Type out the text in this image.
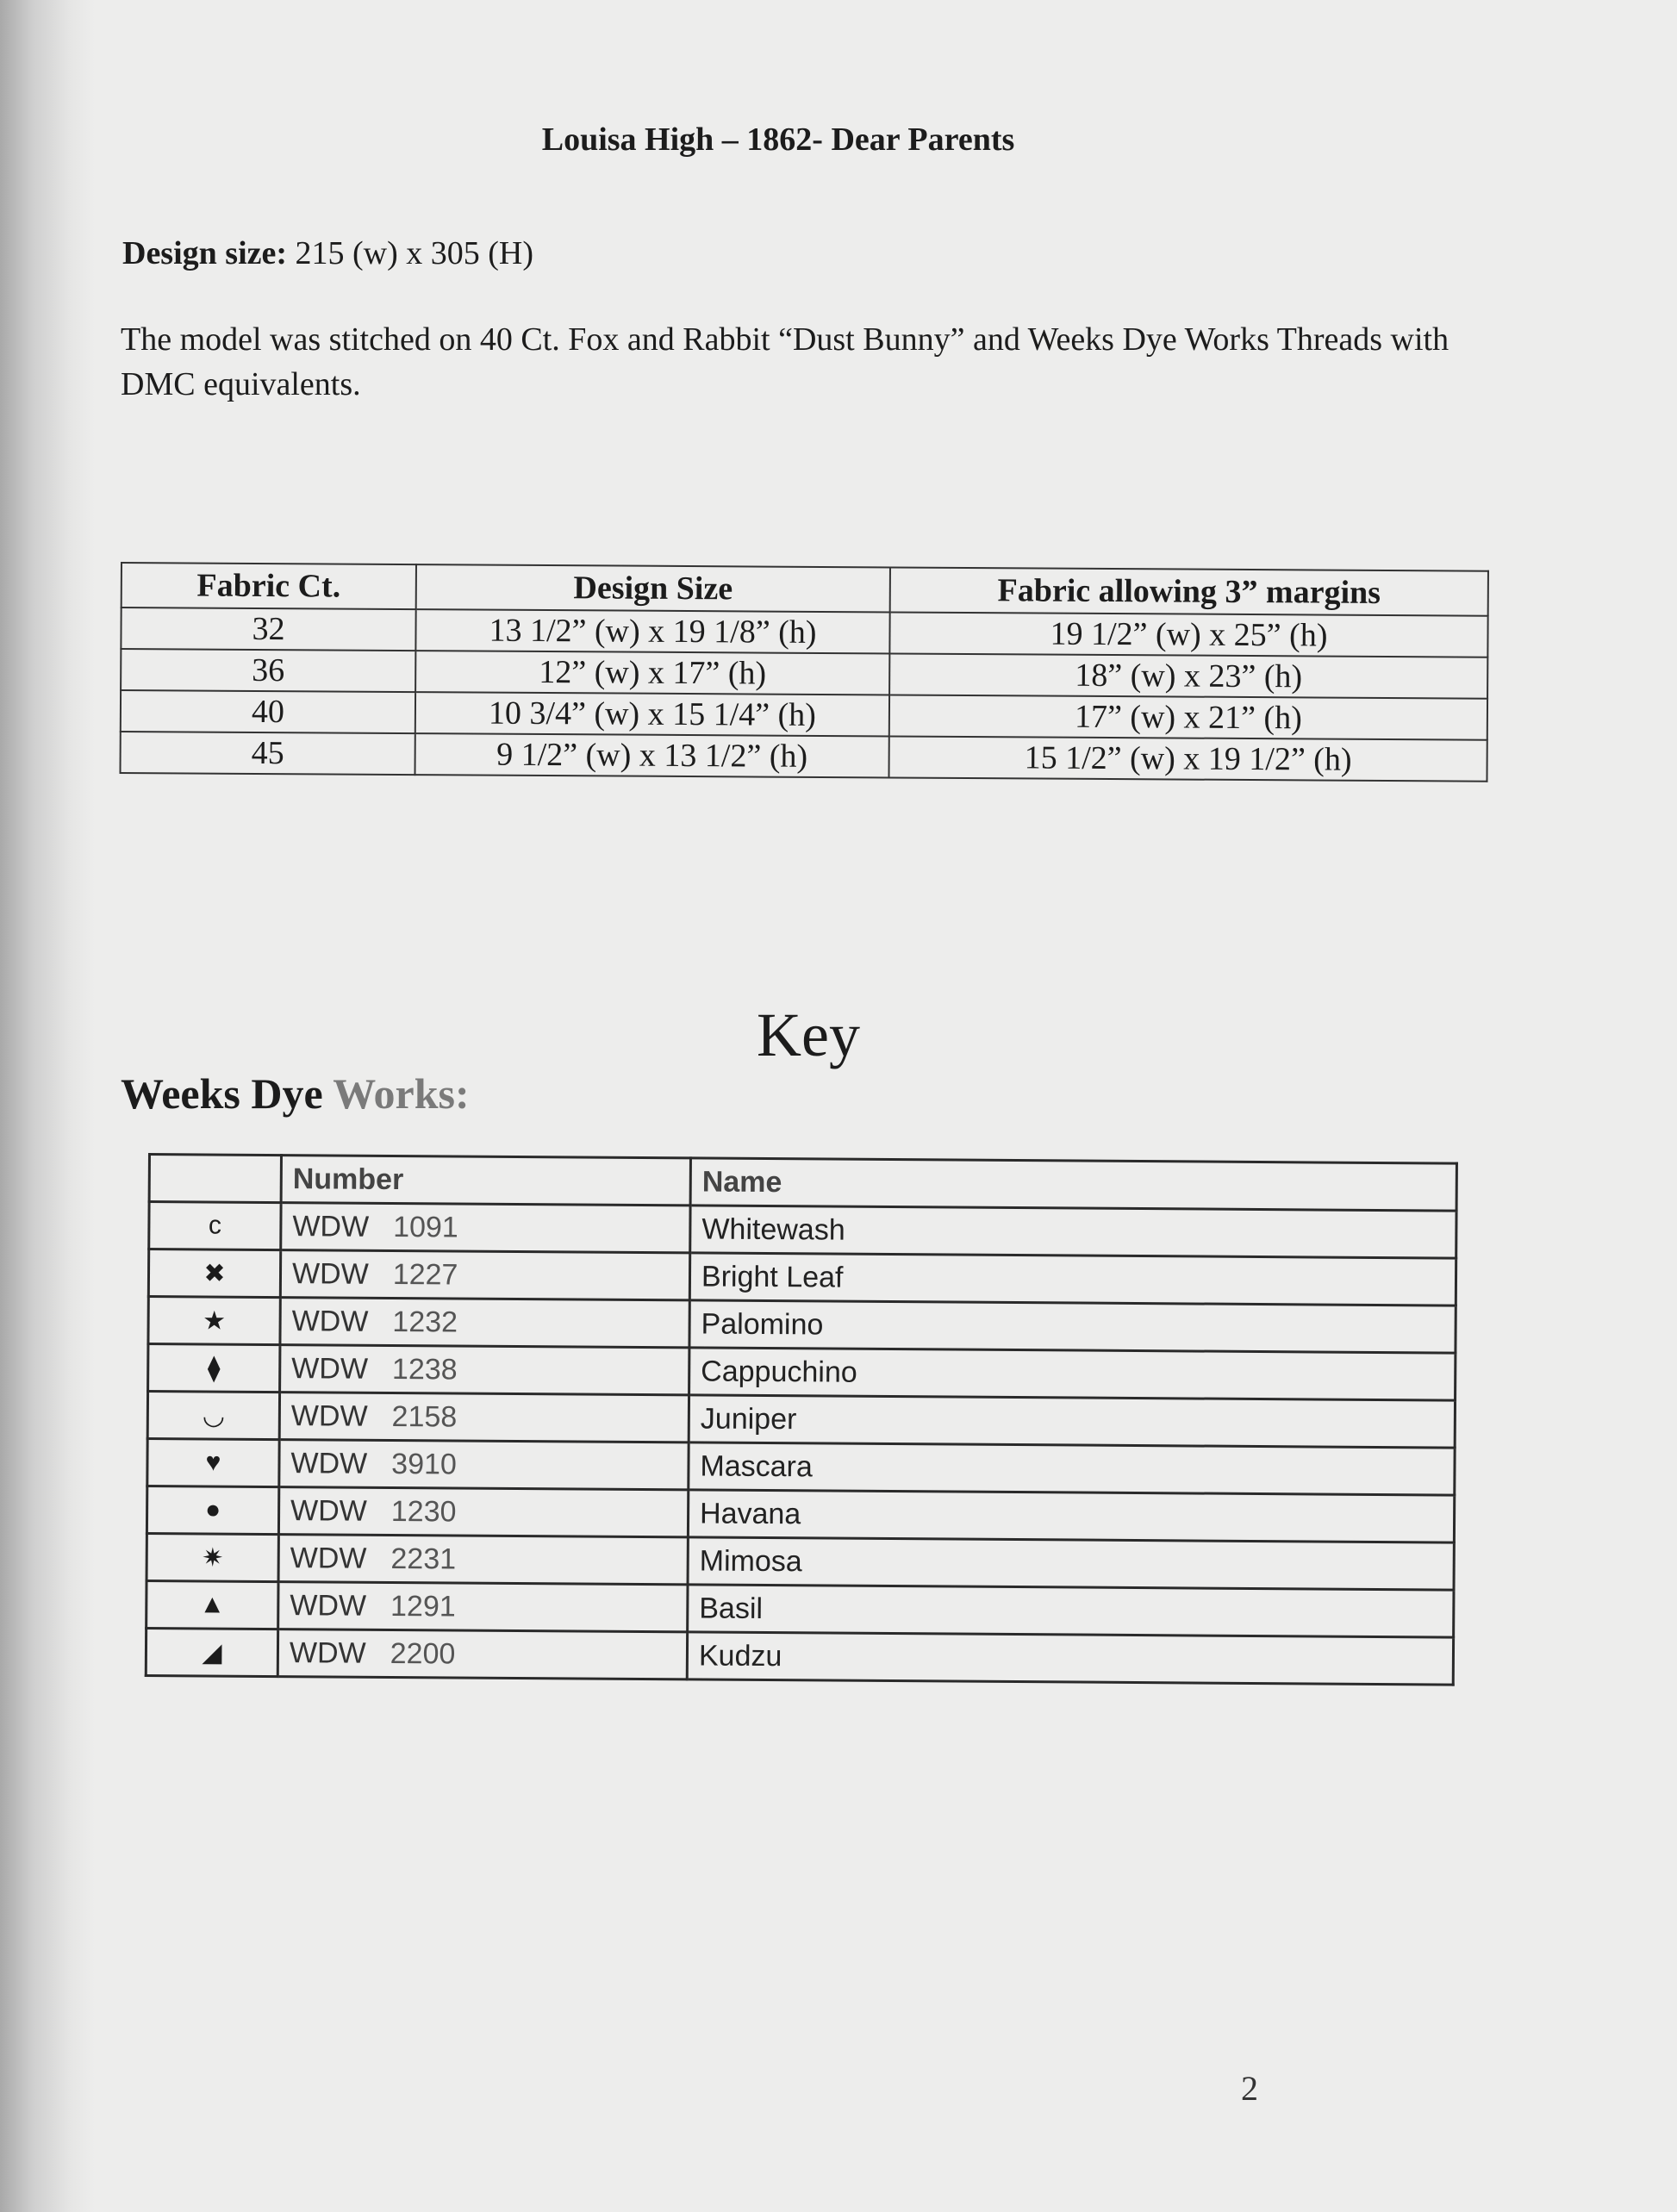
Louisa High – 1862- Dear Parents
Design size: 215 (w) x 305 (H)
The model was stitched on 40 Ct. Fox and Rabbit “Dust Bunny” and Weeks Dye Works Threads with DMC equivalents.
Fabric Ct.	Design Size	Fabric allowing 3” margins
32	13 1/2” (w) x 19 1/8” (h)	19 1/2” (w) x 25” (h)
36	12” (w) x 17” (h)	18” (w) x 23” (h)
40	10 3/4” (w) x 15 1/4” (h)	17” (w) x 21” (h)
45	9 1/2” (w) x 13 1/2” (h)	15 1/2” (w) x 19 1/2” (h)
Key
Weeks Dye Works:
	Number	Name
c	WDW 1091	Whitewash
✖	WDW 1227	Bright Leaf
★	WDW 1232	Palomino
⧫	WDW 1238	Cappuchino
◡	WDW 2158	Juniper
♥	WDW 3910	Mascara
●	WDW 1230	Havana
✷	WDW 2231	Mimosa
▲	WDW 1291	Basil
◢	WDW 2200	Kudzu
2
